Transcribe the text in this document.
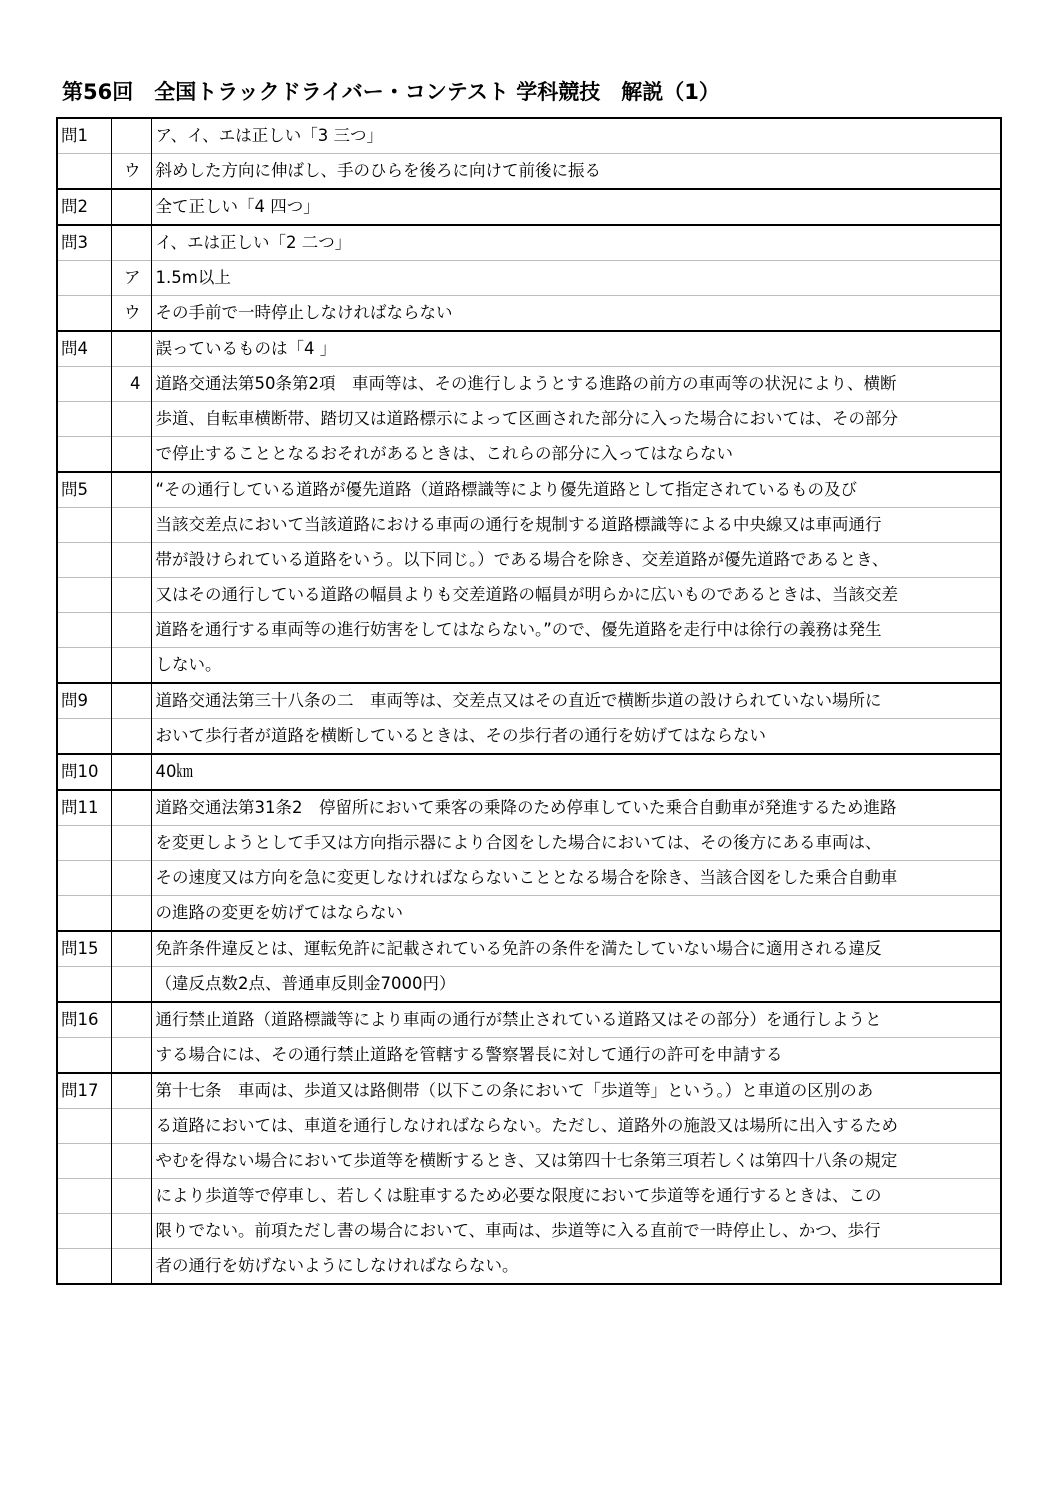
第56回　全国トラックドライバー・コンテスト 学科競技　解説（1）
問1		ア、イ、エは正しい「3 三つ」
	ウ	斜めした方向に伸ばし、手のひらを後ろに向けて前後に振る
問2		全て正しい「4 四つ」
問3		イ、エは正しい「2 二つ」
	ア	1.5m以上
	ウ	その手前で一時停止しなければならない
問4		誤っているものは「4 」
	4	道路交通法第50条第2項　車両等は、その進行しようとする進路の前方の車両等の状況により、横断
		歩道、自転車横断帯、踏切又は道路標示によって区画された部分に入った場合においては、その部分
		で停止することとなるおそれがあるときは、これらの部分に入ってはならない
問5		“その通行している道路が優先道路（道路標識等により優先道路として指定されているもの及び
		当該交差点において当該道路における車両の通行を規制する道路標識等による中央線又は車両通行
		帯が設けられている道路をいう。以下同じ。）である場合を除き、交差道路が優先道路であるとき、
		又はその通行している道路の幅員よりも交差道路の幅員が明らかに広いものであるときは、当該交差
		道路を通行する車両等の進行妨害をしてはならない。”ので、優先道路を走行中は徐行の義務は発生
		しない。
問9		道路交通法第三十八条の二　車両等は、交差点又はその直近で横断歩道の設けられていない場所に
		おいて歩行者が道路を横断しているときは、その歩行者の通行を妨げてはならない
問10		40㎞
問11		道路交通法第31条2　停留所において乗客の乗降のため停車していた乗合自動車が発進するため進路
		を変更しようとして手又は方向指示器により合図をした場合においては、その後方にある車両は、
		その速度又は方向を急に変更しなければならないこととなる場合を除き、当該合図をした乗合自動車
		の進路の変更を妨げてはならない
問15		免許条件違反とは、運転免許に記載されている免許の条件を満たしていない場合に適用される違反
		（違反点数2点、普通車反則金7000円）
問16		通行禁止道路（道路標識等により車両の通行が禁止されている道路又はその部分）を通行しようと
		する場合には、その通行禁止道路を管轄する警察署長に対して通行の許可を申請する
問17		第十七条　車両は、歩道又は路側帯（以下この条において「歩道等」という。）と車道の区別のあ
		る道路においては、車道を通行しなければならない。ただし、道路外の施設又は場所に出入するため
		やむを得ない場合において歩道等を横断するとき、又は第四十七条第三項若しくは第四十八条の規定
		により歩道等で停車し、若しくは駐車するため必要な限度において歩道等を通行するときは、この
		限りでない。前項ただし書の場合において、車両は、歩道等に入る直前で一時停止し、かつ、歩行
		者の通行を妨げないようにしなければならない。
